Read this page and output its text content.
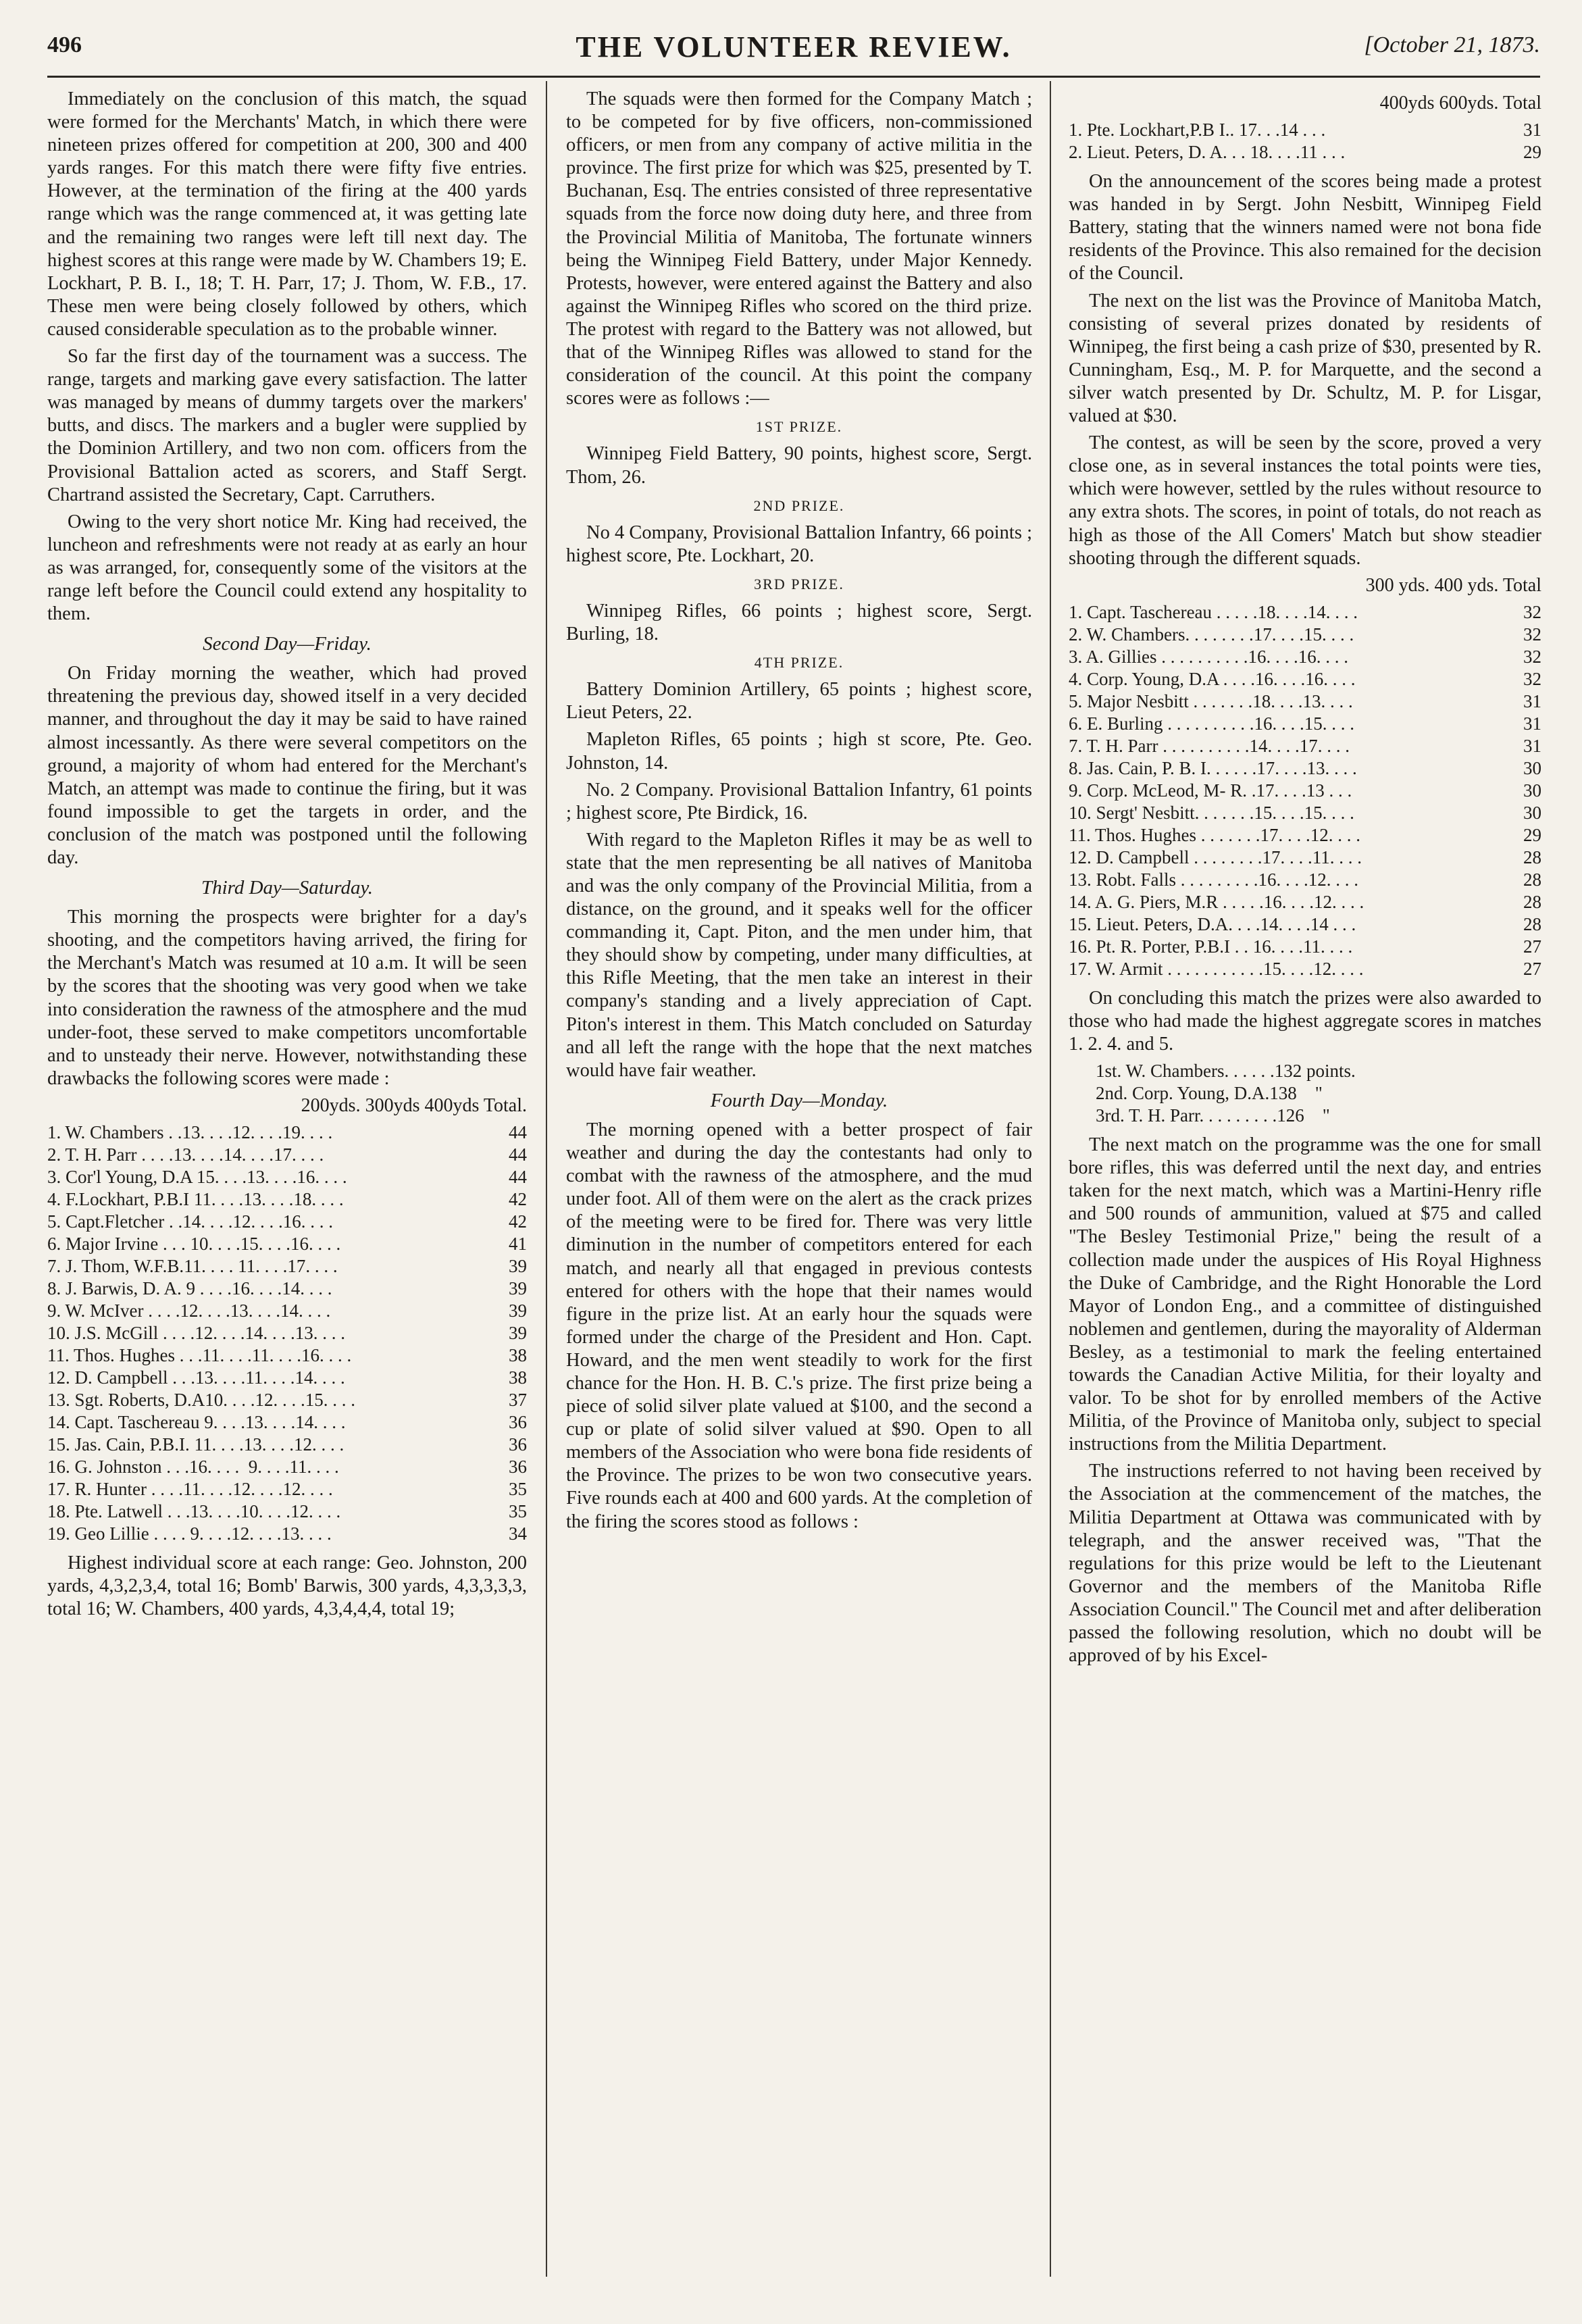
496	THE VOLUNTEER REVIEW.	[October 21, 1873.

Immediately on the conclusion of this match, the squad were formed for the Merchants' Match, in which there were nineteen prizes offered for competition at 200, 300 and 400 yards ranges. For this match there were fifty five entries. However, at the termination of the firing at the 400 yards range which was the range commenced at, it was getting late and the remaining two ranges were left till next day. The highest scores at this range were made by W. Chambers 19; E. Lockhart, P. B. I., 18; T. H. Parr, 17; J. Thom, W. F.B., 17. These men were being closely followed by others, which caused considerable speculation as to the probable winner.

So far the first day of the tournament was a success. The range, targets and marking gave every satisfaction. The latter was managed by means of dummy targets over the markers' butts, and discs. The markers and a bugler were supplied by the Dominion Artillery, and two non com. officers from the Provisional Battalion acted as scorers, and Staff Sergt. Chartrand assisted the Secretary, Capt. Carruthers.

Owing to the very short notice Mr. King had received, the luncheon and refreshments were not ready at as early an hour as was arranged, for, consequently some of the visitors at the range left before the Council could extend any hospitality to them.

Second Day—Friday.

On Friday morning the weather, which had proved threatening the previous day, showed itself in a very decided manner, and throughout the day it may be said to have rained almost incessantly. As there were several competitors on the ground, a majority of whom had entered for the Merchant's Match, an attempt was made to continue the firing, but it was found impossible to get the targets in order, and the conclusion of the match was postponed until the following day.

Third Day—Saturday.

This morning the prospects were brighter for a day's shooting, and the competitors having arrived, the firing for the Merchant's Match was resumed at 10 a.m. It will be seen by the scores that the shooting was very good when we take into consideration the rawness of the atmosphere and the mud under-foot, these served to make competitors uncomfortable and to unsteady their nerve. However, notwithstanding these drawbacks the following scores were made :

200yds. 300yds 400yds Total.
1. W. Chambers . .13. . . .12. . . .19. . . .	44
2. T. H. Parr . . . .13. . . .14. . . .17. . . .	44
3. Cor'l Young, D.A 15. . . .13. . . .16. . . .	44
4. F.Lockhart, P.B.I 11. . . .13. . . .18. . . .	42
5. Capt.Fletcher . .14. . . .12. . . .16. . . .	42
6. Major Irvine . . . 10. . . .15. . . .16. . . .	41
7. J. Thom, W.F.B.11. . . . 11. . . .17. . . .	39
8. J. Barwis, D. A. 9 . . . .16. . . .14. . . .	39
9. W. McIver . . . .12. . . .13. . . .14. . . .	39
10. J.S. McGill . . . .12. . . .14. . . .13. . . .	39
11. Thos. Hughes . . .11. . . .11. . . .16. . . .	38
12. D. Campbell . . .13. . . .11. . . .14. . . .	38
13. Sgt. Roberts, D.A10. . . .12. . . .15. . . .	37
14. Capt. Taschereau 9. . . .13. . . .14. . . .	36
15. Jas. Cain, P.B.I. 11. . . .13. . . .12. . . .	36
16. G. Johnston . . .16. . . .  9. . . .11. . . .	36
17. R. Hunter . . . .11. . . .12. . . .12. . . .	35
18. Pte. Latwell . . .13. . . .10. . . .12. . . .	35
19. Geo Lillie . . . . 9. . . .12. . . .13. . . .	34

Highest individual score at each range: Geo. Johnston, 200 yards, 4,3,2,3,4, total 16; Bomb' Barwis, 300 yards, 4,3,3,3,3, total 16; W. Chambers, 400 yards, 4,3,4,4,4, total 19;

The squads were then formed for the Company Match ; to be competed for by five officers, non-commissioned officers, or men from any company of active militia in the province. The first prize for which was $25, presented by T. Buchanan, Esq. The entries consisted of three representative squads from the force now doing duty here, and three from the Provincial Militia of Manitoba, The fortunate winners being the Winnipeg Field Battery, under Major Kennedy. Protests, however, were entered against the Battery and also against the Winnipeg Rifles who scored on the third prize. The protest with regard to the Battery was not allowed, but that of the Winnipeg Rifles was allowed to stand for the consideration of the council. At this point the company scores were as follows :—

1ST PRIZE.

Winnipeg Field Battery, 90 points, highest score, Sergt. Thom, 26.

2ND PRIZE.

No 4 Company, Provisional Battalion Infantry, 66 points ; highest score, Pte. Lockhart, 20.

3RD PRIZE.

Winnipeg Rifles, 66 points ; highest score, Sergt. Burling, 18.

4TH PRIZE.

Battery Dominion Artillery, 65 points ; highest score, Lieut Peters, 22.

Mapleton Rifles, 65 points ; high st score, Pte. Geo. Johnston, 14.

No. 2 Company. Provisional Battalion Infantry, 61 points ; highest score, Pte Birdick, 16.

With regard to the Mapleton Rifles it may be as well to state that the men representing be all natives of Manitoba and was the only company of the Provincial Militia, from a distance, on the ground, and it speaks well for the officer commanding it, Capt. Piton, and the men under him, that they should show by competing, under many difficulties, at this Rifle Meeting, that the men take an interest in their company's standing and a lively appreciation of Capt. Piton's interest in them. This Match concluded on Saturday and all left the range with the hope that the next matches would have fair weather.

Fourth Day—Monday.

The morning opened with a better prospect of fair weather and during the day the contestants had only to combat with the rawness of the atmosphere, and the mud under foot. All of them were on the alert as the crack prizes of the meeting were to be fired for. There was very little diminution in the number of competitors entered for each match, and nearly all that engaged in previous contests entered for others with the hope that their names would figure in the prize list. At an early hour the squads were formed under the charge of the President and Hon. Capt. Howard, and the men went steadily to work for the first chance for the Hon. H. B. C.'s prize. The first prize being a piece of solid silver plate valued at $100, and the second a cup or plate of solid silver valued at $90. Open to all members of the Association who were bona fide residents of the Province. The prizes to be won two consecutive years. Five rounds each at 400 and 600 yards. At the completion of the firing the scores stood as follows :

400yds 600yds. Total
1. Pte. Lockhart,P.B I.. 17. . .14 . . .	31
2. Lieut. Peters, D. A. . . 18. . . .11 . . .	29

On the announcement of the scores being made a protest was handed in by Sergt. John Nesbitt, Winnipeg Field Battery, stating that the winners named were not bona fide residents of the Province. This also remained for the decision of the Council.

The next on the list was the Province of Manitoba Match, consisting of several prizes donated by residents of Winnipeg, the first being a cash prize of $30, presented by R. Cunningham, Esq., M. P. for Marquette, and the second a silver watch presented by Dr. Schultz, M. P. for Lisgar, valued at $30.

The contest, as will be seen by the score, proved a very close one, as in several instances the total points were ties, which were however, settled by the rules without resource to any extra shots. The scores, in point of totals, do not reach as high as those of the All Comers' Match but show steadier shooting through the different squads.

300 yds. 400 yds. Total
1. Capt. Taschereau . . . . .18. . . .14. . . .	32
2. W. Chambers. . . . . . . .17. . . .15. . . .	32
3. A. Gillies . . . . . . . . . .16. . . .16. . . .	32
4. Corp. Young, D.A . . . .16. . . .16. . . .	32
5. Major Nesbitt . . . . . . .18. . . .13. . . .	31
6. E. Burling . . . . . . . . . .16. . . .15. . . .	31
7. T. H. Parr . . . . . . . . . .14. . . .17. . . .	31
8. Jas. Cain, P. B. I. . . . . .17. . . .13. . . .	30
9. Corp. McLeod, M- R. .17. . . .13 . . .	30
10. Sergt' Nesbitt. . . . . . .15. . . .15. . . .	30
11. Thos. Hughes . . . . . . .17. . . .12. . . .	29
12. D. Campbell . . . . . . . .17. . . .11. . . .	28
13. Robt. Falls . . . . . . . . .16. . . .12. . . .	28
14. A. G. Piers, M.R . . . . .16. . . .12. . . .	28
15. Lieut. Peters, D.A. . . .14. . . .14 . . .	28
16. Pt. R. Porter, P.B.I . . 16. . . .11. . . .	27
17. W. Armit . . . . . . . . . . .15. . . .12. . . .	27

On concluding this match the prizes were also awarded to those who had made the highest aggregate scores in matches 1. 2. 4. and 5.

1st. W. Chambers. . . . . .132 points.
2nd. Corp. Young, D.A.138    "
3rd. T. H. Parr. . . . . . . . .126    "

The next match on the programme was the one for small bore rifles, this was deferred until the next day, and entries taken for the next match, which was a Martini-Henry rifle and 500 rounds of ammunition, valued at $75 and called "The Besley Testimonial Prize," being the result of a collection made under the auspices of His Royal Highness the Duke of Cambridge, and the Right Honorable the Lord Mayor of London Eng., and a committee of distinguished noblemen and gentlemen, during the mayorality of Alderman Besley, as a testimonial to mark the feeling entertained towards the Canadian Active Militia, for their loyalty and valor. To be shot for by enrolled members of the Active Militia, of the Province of Manitoba only, subject to special instructions from the Militia Department.

The instructions referred to not having been received by the Association at the commencement of the matches, the Militia Department at Ottawa was communicated with by telegraph, and the answer received was, "That the regulations for this prize would be left to the Lieutenant Governor and the members of the Manitoba Rifle Association Council." The Council met and after deliberation passed the following resolution, which no doubt will be approved of by his Excel-
